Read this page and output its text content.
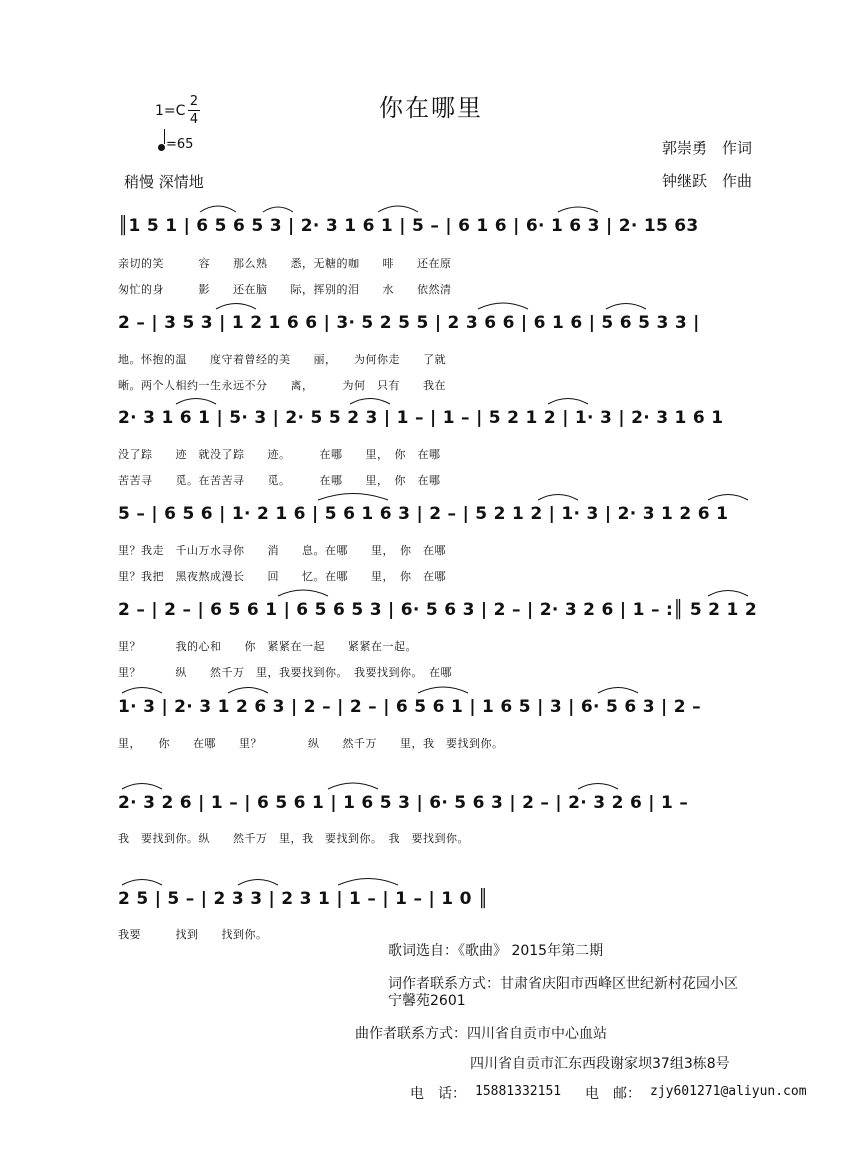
你在哪里
1=C
2
4
=65
稍慢 深情地
郭崇勇　作词
钟继跃　作曲
║1 5 1 | 6 5 6 5 3 | 2· 3 1 6 1 | 5 – | 6 1 6 | 6· 1 6 3 | 2· 15 63
亲切的笑　　　容　　那么熟　　悉，无糖的咖　　啡　　还在原
匆忙的身　　　影　　还在脑　　际，挥别的泪　　水　　依然清
2 – | 3 5 3 | 1 2 1 6 6 | 3· 5 2 5 5 | 2 3 6 6 | 6 1 6 | 5 6 5 3 3 |
地。怀抱的温　　度守着曾经的美　　丽，　　为何你走　　了就
晰。两个人相约一生永远不分　　离，　　　为何　只有　　我在
2· 3 1 6 1 | 5· 3 | 2· 5 5 2 3 | 1 – | 1 – | 5 2 1 2 | 1· 3 | 2· 3 1 6 1
没了踪　　迹　就没了踪　　迹。　　　在哪　　里，　你　在哪
苦苦寻　　觅。在苦苦寻　　觅。　　　在哪　　里，　你　在哪
5 – | 6 5 6 | 1· 2 1 6 | 5 6 1 6 3 | 2 – | 5 2 1 2 | 1· 3 | 2· 3 1 2 6 1
里？我走　千山万水寻你　　消　　息。在哪　　里，　你　在哪
里？我把　黑夜熬成漫长　　回　　忆。在哪　　里，　你　在哪
2 – | 2 – | 6 5 6 1 | 6 5 6 5 3 | 6· 5 6 3 | 2 – | 2· 3 2 6 | 1 – :║ 5 2 1 2
里？　　　我的心和　　你　紧紧在一起　　紧紧在一起。
里？　　　纵　　然千万　里，我要找到你。　我要找到你。　在哪
1· 3 | 2· 3 1 2 6 3 | 2 – | 2 – | 6 5 6 1 | 1 6 5 | 3 | 6· 5 6 3 | 2 –
里，　　你　　在哪　　里？　　　　纵　　然千万　　里，我　要找到你。
2· 3 2 6 | 1 – | 6 5 6 1 | 1 6 5 3 | 6· 5 6 3 | 2 – | 2· 3 2 6 | 1 –
我　要找到你。纵　　然千万　里，我　要找到你。　我　要找到你。
2 5 | 5 – | 2 3 3 | 2 3 1 | 1 – | 1 – | 1 0 ║
我要　　　找到　　找到你。
歌词选自：《歌曲》 2015年第二期
词作者联系方式：甘肃省庆阳市西峰区世纪新村花园小区
宁馨苑2601
曲作者联系方式：四川省自贡市中心血站
四川省自贡市汇东西段谢家坝37组3栋8号
电　话： 15881332151 电　邮： zjy601271@aliyun.com
